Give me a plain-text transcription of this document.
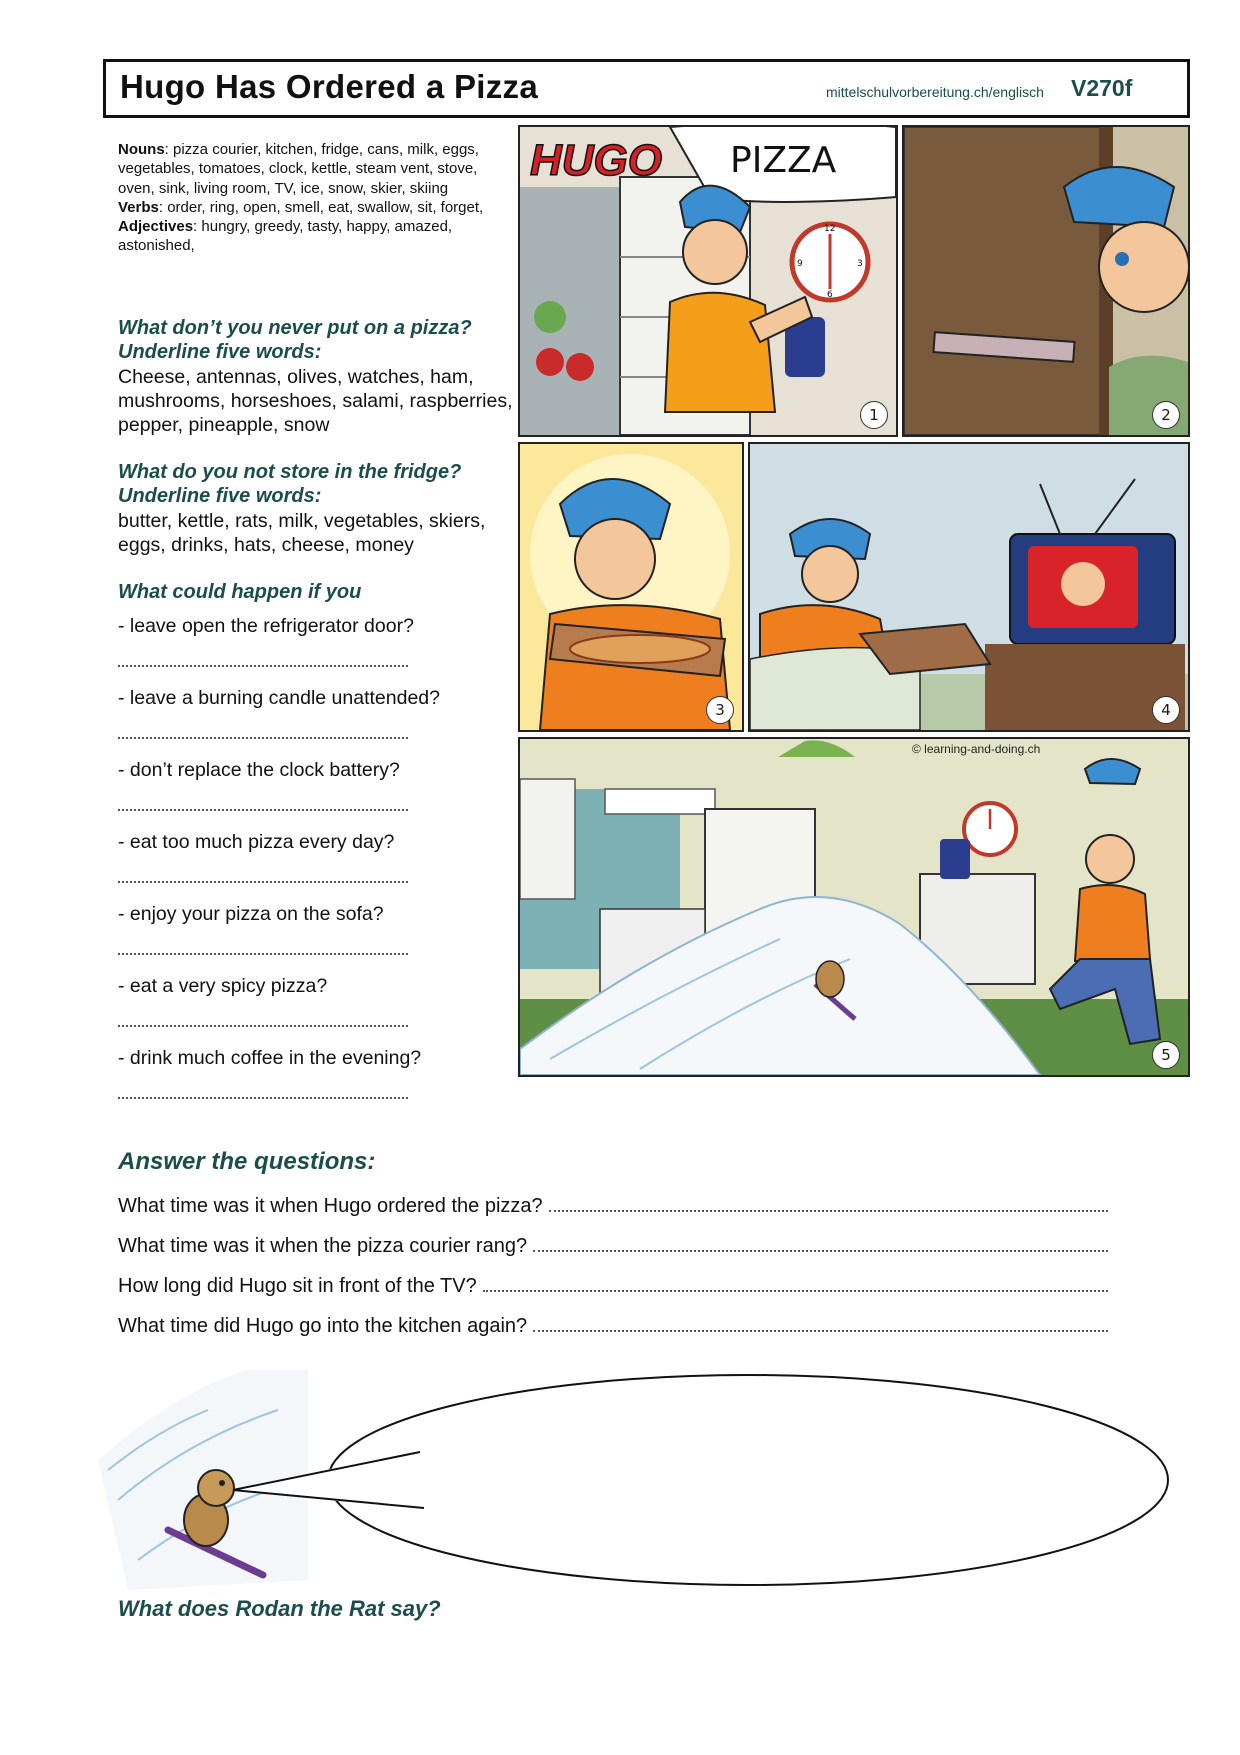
Hugo Has Ordered a Pizza	mittelschulvorbereitung.ch/englisch V270f
Nouns: pizza courier, kitchen, fridge, cans, milk, eggs, vegetables, tomatoes, clock, kettle, steam vent, stove, oven, sink, living room, TV, ice, snow, skier, skiing
Verbs: order, ring, open, smell, eat, swallow, sit, forget,
Adjectives: hungry, greedy, tasty, happy, amazed, astonished,
What don’t you never put on a pizza?
Underline five words:
Cheese, antennas, olives, watches, ham, mushrooms, horseshoes, salami, raspberries, pepper, pineapple, snow
What do you not store in the fridge?
Underline five words:
butter, kettle, rats, milk, vegetables, skiers, eggs, drinks, hats, cheese, money
What could happen if you
- leave open the refrigerator door?
- leave a burning candle unattended?
- don’t replace the clock battery?
- eat too much pizza every day?
- enjoy your pizza on the sofa?
- eat a very spicy pizza?
- drink much coffee in the evening?
HUGO PIZZA
12
3
6
9
1	2
3	4
© learning-and-doing.ch
5
Answer the questions:
What time was it when Hugo ordered the pizza?
What time was it when the pizza courier rang?
How long did Hugo sit in front of the TV?
What time did Hugo go into the kitchen again?
What does Rodan the Rat say?
